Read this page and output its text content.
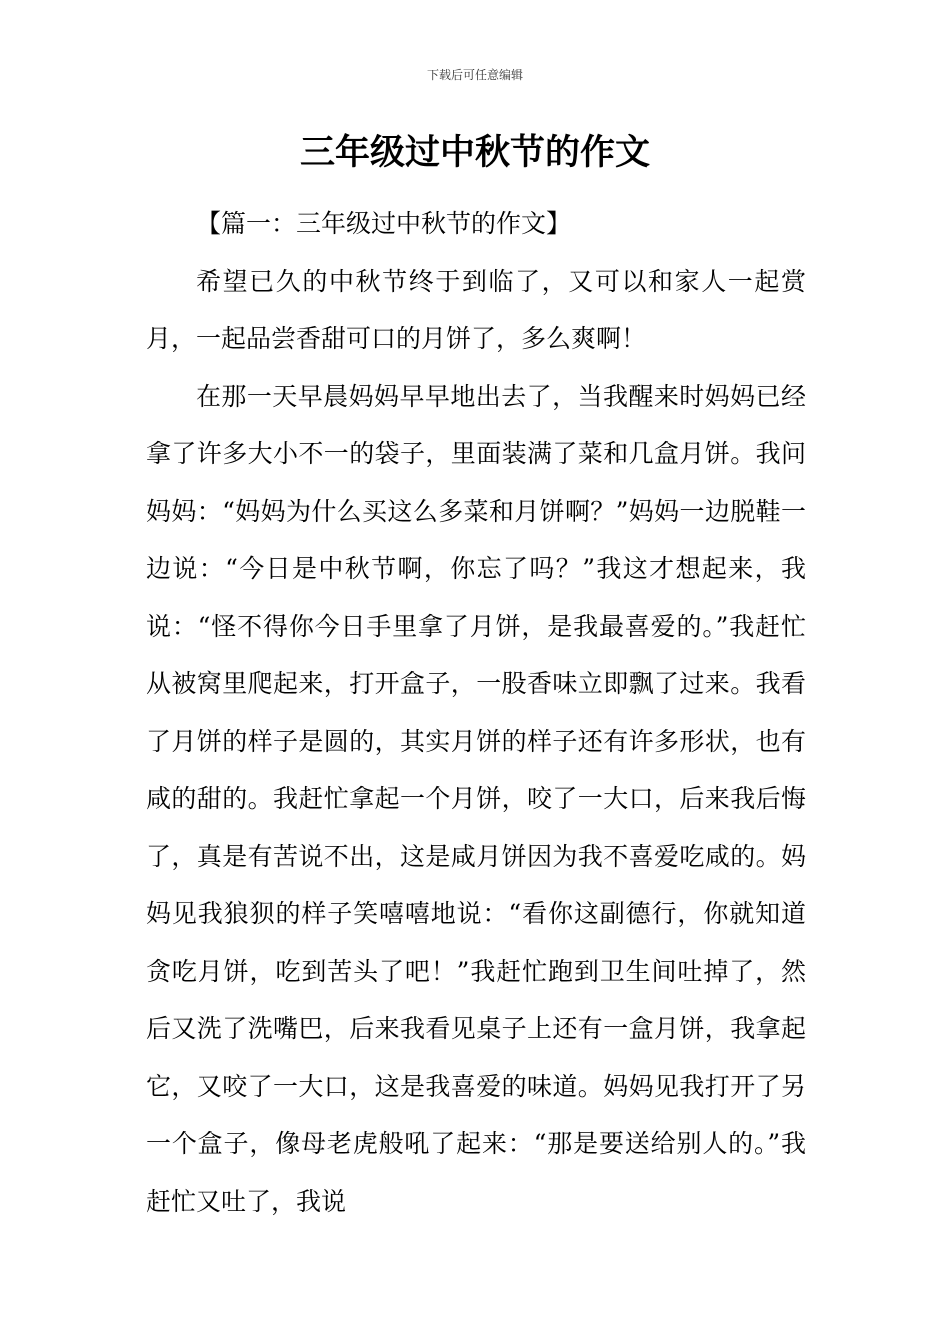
下载后可任意编辑
三年级过中秋节的作文

【篇一：三年级过中秋节的作文】

希望已久的中秋节终于到临了，又可以和家人一起赏月，一起品尝香甜可口的月饼了，多么爽啊！

在那一天早晨妈妈早早地出去了，当我醒来时妈妈已经拿了许多大小不一的袋子，里面装满了菜和几盒月饼。我问妈妈：“妈妈为什么买这么多菜和月饼啊？”妈妈一边脱鞋一边说：“今日是中秋节啊，你忘了吗？”我这才想起来，我说：“怪不得你今日手里拿了月饼，是我最喜爱的。”我赶忙从被窝里爬起来，打开盒子，一股香味立即飘了过来。我看了月饼的样子是圆的，其实月饼的样子还有许多形状，也有咸的甜的。我赶忙拿起一个月饼，咬了一大口，后来我后悔了，真是有苦说不出，这是咸月饼因为我不喜爱吃咸的。妈妈见我狼狈的样子笑嘻嘻地说：“看你这副德行，你就知道贪吃月饼，吃到苦头了吧！”我赶忙跑到卫生间吐掉了，然后又洗了洗嘴巴，后来我看见桌子上还有一盒月饼，我拿起它，又咬了一大口，这是我喜爱的味道。妈妈见我打开了另一个盒子，像母老虎般吼了起来：“那是要送给别人的。”我赶忙又吐了，我说
